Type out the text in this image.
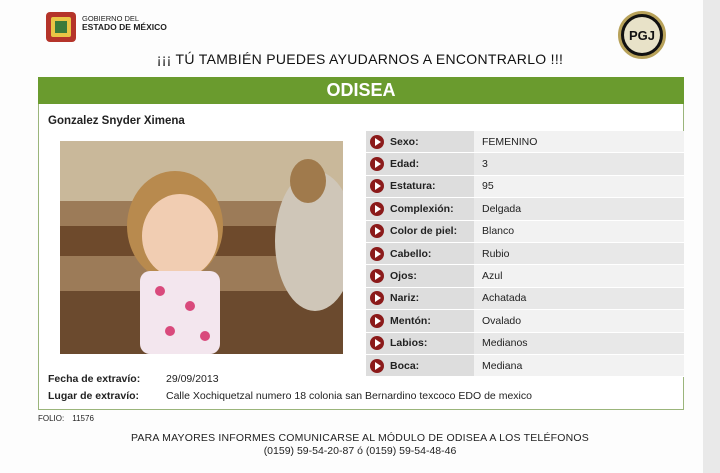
GOBIERNO DEL
ESTADO DE MÉXICO
PGJ
¡¡¡ TÚ TAMBIÉN PUEDES AYUDARNOS A ENCONTRARLO !!!
ODISEA
Gonzalez Snyder Ximena
Sexo:	FEMENINO
Edad:	3
Estatura:	95
Complexión:	Delgada
Color de piel:	Blanco
Cabello:	Rubio
Ojos:	Azul
Nariz:	Achatada
Mentón:	Ovalado
Labios:	Medianos
Boca:	Mediana
Fecha de extravío: 29/09/2013
Lugar de extravío:	Calle Xochiquetzal numero 18 colonia san Bernardino texcoco EDO de mexico
FOLIO: 11576
PARA MAYORES INFORMES COMUNICARSE AL MÓDULO DE ODISEA A LOS TELÉFONOS
(0159) 59-54-20-87 ó (0159) 59-54-48-46
